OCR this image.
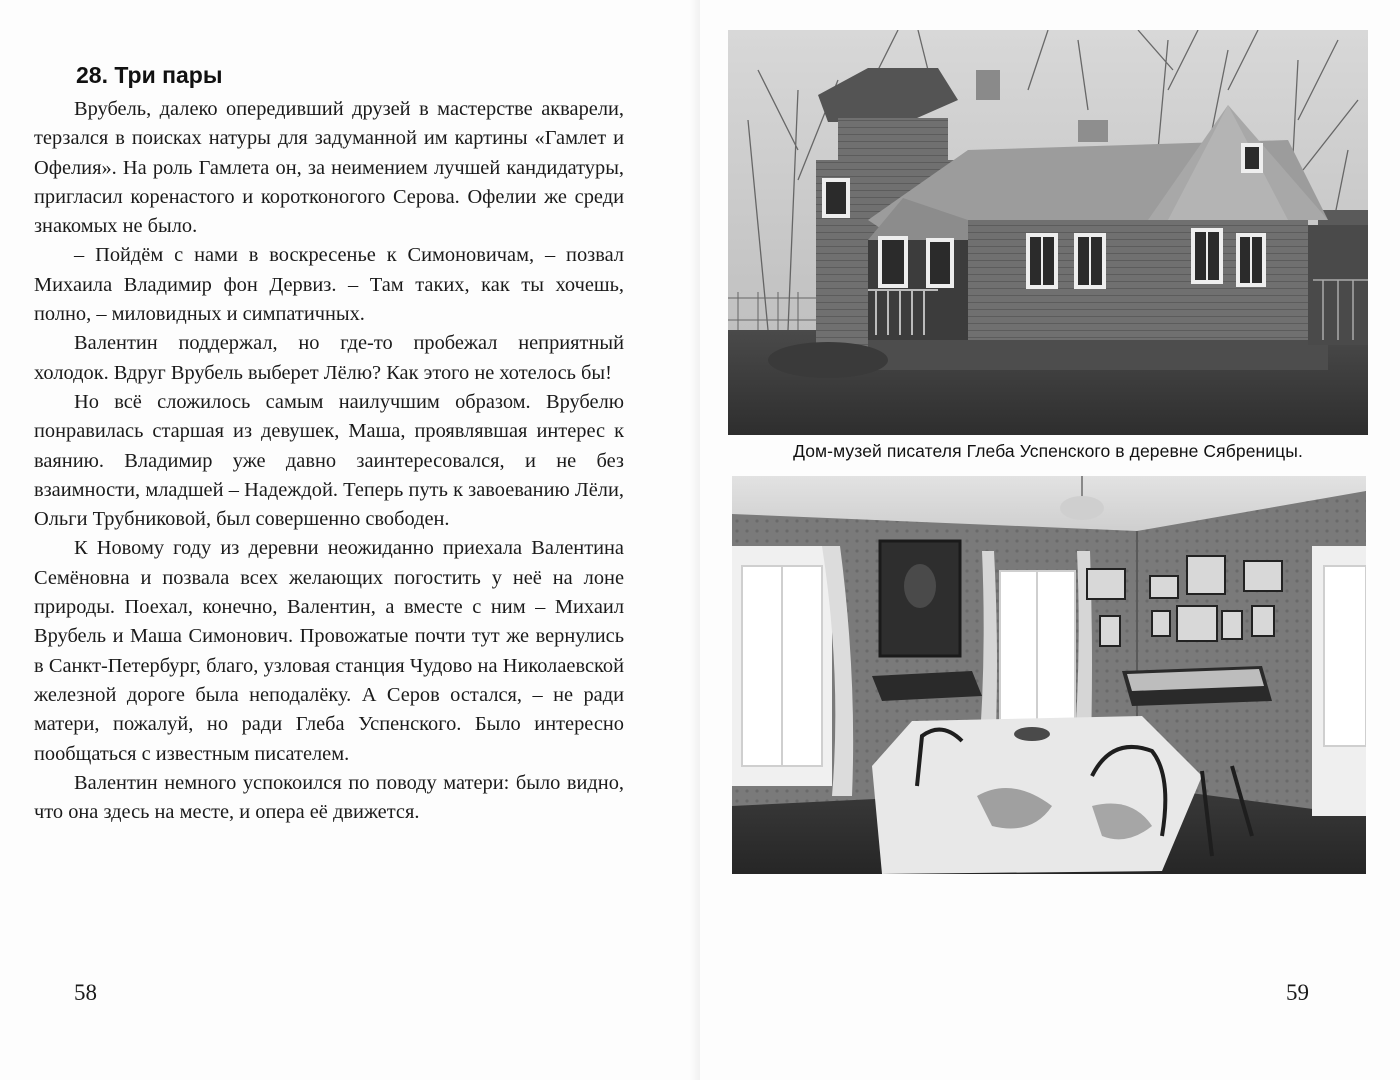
28. Три пары

Врубель, далеко опередивший друзей в мастерстве акварели, терзался в поисках натуры для задуманной им картины «Гамлет и Офелия». На роль Гамлета он, за неимением лучшей кандидатуры, пригласил коренастого и коротконогого Серова. Офелии же среди знакомых не было.

– Пойдём с нами в воскресенье к Симоновичам, – позвал Михаила Владимир фон Дервиз. – Там таких, как ты хочешь, полно, – миловидных и симпатичных.

Валентин поддержал, но где-то пробежал неприятный холодок. Вдруг Врубель выберет Лёлю? Как этого не хотелось бы!

Но всё сложилось самым наилучшим образом. Врубелю понравилась старшая из девушек, Маша, проявлявшая интерес к ваянию. Владимир уже давно заинтересовался, и не без взаимности, младшей – Надеждой. Теперь путь к завоеванию Лёли, Ольги Трубниковой, был совершенно свободен.

К Новому году из деревни неожиданно приехала Валентина Семёновна и позвала всех желающих погостить у неё на лоне природы. Поехал, конечно, Валентин, а вместе с ним – Михаил Врубель и Маша Симонович. Провожатые почти тут же вернулись в Санкт-Петербург, благо, узловая станция Чудово на Николаевской железной дороге была неподалёку. А Серов остался, – не ради матери, пожалуй, но ради Глеба Успенского. Было интересно пообщаться с известным писателем.

Валентин немного успокоился по поводу матери: было видно, что она здесь на месте, и опера её движется.

58
Дом-музей писателя Глеба Успенского в деревне Сябреницы.
59
